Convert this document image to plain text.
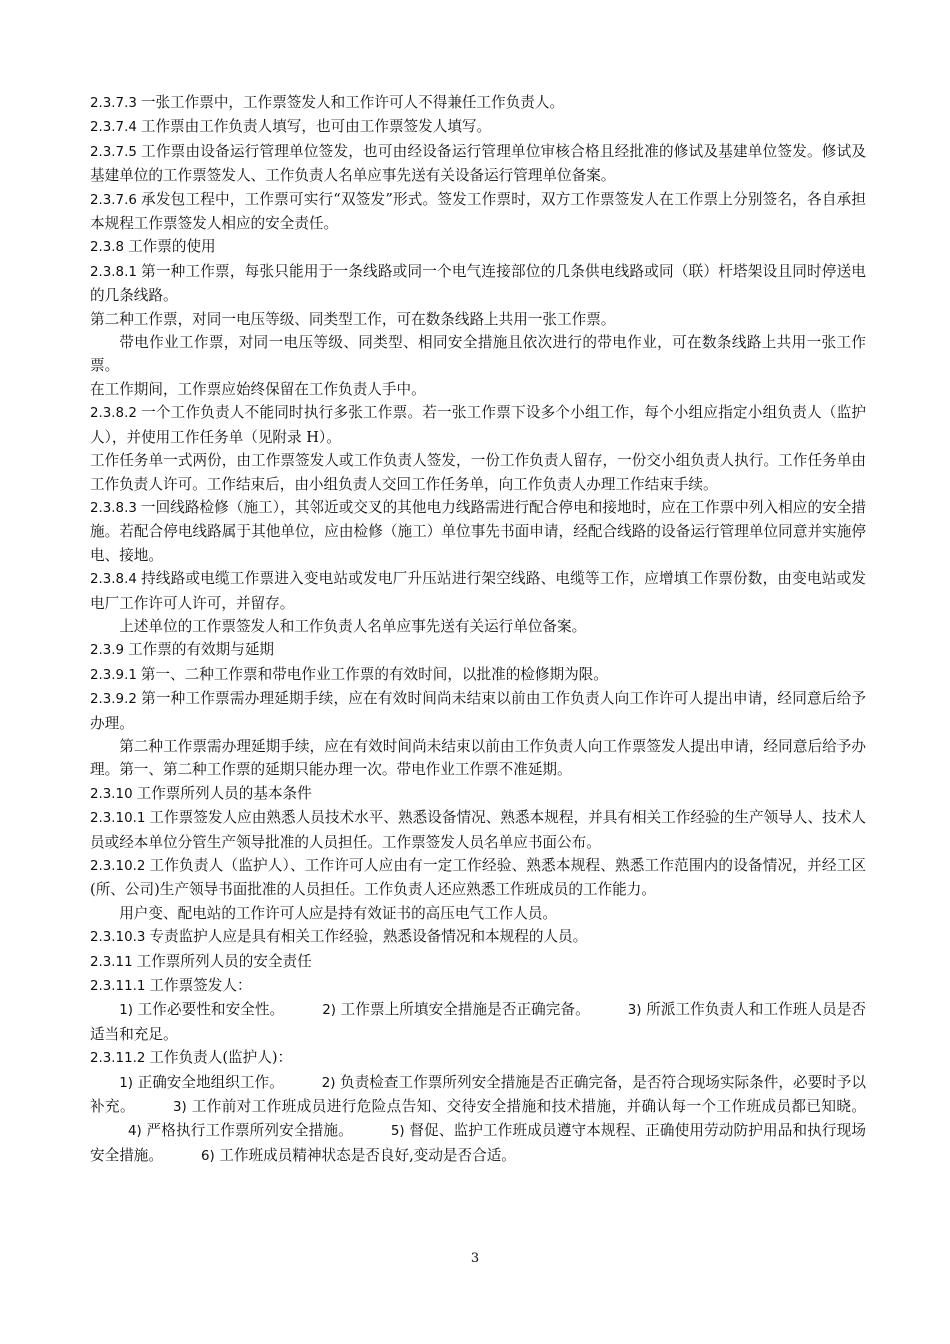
2.3.7.3 一张工作票中，工作票签发人和工作许可人不得兼任工作负责人。

2.3.7.4 工作票由工作负责人填写，也可由工作票签发人填写。

2.3.7.5 工作票由设备运行管理单位签发，也可由经设备运行管理单位审核合格且经批准的修试及基建单位签发。修试及基建单位的工作票签发人、工作负责人名单应事先送有关设备运行管理单位备案。

2.3.7.6 承发包工程中，工作票可实行“双签发”形式。签发工作票时，双方工作票签发人在工作票上分别签名，各自承担本规程工作票签发人相应的安全责任。

2.3.8 工作票的使用

2.3.8.1 第一种工作票，每张只能用于一条线路或同一个电气连接部位的几条供电线路或同（联）杆塔架设且同时停送电的几条线路。

第二种工作票，对同一电压等级、同类型工作，可在数条线路上共用一张工作票。

带电作业工作票，对同一电压等级、同类型、相同安全措施且依次进行的带电作业，可在数条线路上共用一张工作票。

在工作期间，工作票应始终保留在工作负责人手中。

2.3.8.2 一个工作负责人不能同时执行多张工作票。若一张工作票下设多个小组工作，每个小组应指定小组负责人（监护人），并使用工作任务单（见附录 H）。

工作任务单一式两份，由工作票签发人或工作负责人签发，一份工作负责人留存，一份交小组负责人执行。工作任务单由工作负责人许可。工作结束后，由小组负责人交回工作任务单，向工作负责人办理工作结束手续。

2.3.8.3 一回线路检修（施工），其邻近或交叉的其他电力线路需进行配合停电和接地时，应在工作票中列入相应的安全措施。若配合停电线路属于其他单位，应由检修（施工）单位事先书面申请，经配合线路的设备运行管理单位同意并实施停电、接地。

2.3.8.4 持线路或电缆工作票进入变电站或发电厂升压站进行架空线路、电缆等工作，应增填工作票份数，由变电站或发电厂工作许可人许可，并留存。

上述单位的工作票签发人和工作负责人名单应事先送有关运行单位备案。

2.3.9 工作票的有效期与延期

2.3.9.1 第一、二种工作票和带电作业工作票的有效时间，以批准的检修期为限。

2.3.9.2 第一种工作票需办理延期手续，应在有效时间尚未结束以前由工作负责人向工作许可人提出申请，经同意后给予办理。

第二种工作票需办理延期手续，应在有效时间尚未结束以前由工作负责人向工作票签发人提出申请，经同意后给予办理。第一、第二种工作票的延期只能办理一次。带电作业工作票不准延期。

2.3.10 工作票所列人员的基本条件

2.3.10.1 工作票签发人应由熟悉人员技术水平、熟悉设备情况、熟悉本规程，并具有相关工作经验的生产领导人、技术人员或经本单位分管生产领导批准的人员担任。工作票签发人员名单应书面公布。

2.3.10.2 工作负责人（监护人）、工作许可人应由有一定工作经验、熟悉本规程、熟悉工作范围内的设备情况，并经工区(所、公司)生产领导书面批准的人员担任。工作负责人还应熟悉工作班成员的工作能力。

用户变、配电站的工作许可人应是持有效证书的高压电气工作人员。

2.3.10.3 专责监护人应是具有相关工作经验，熟悉设备情况和本规程的人员。

2.3.11 工作票所列人员的安全责任

2.3.11.1 工作票签发人：

1) 工作必要性和安全性。	2) 工作票上所填安全措施是否正确完备。	3) 所派工作负责人和工作班人员是否适当和充足。

2.3.11.2 工作负责人(监护人)：

1) 正确安全地组织工作。	2) 负责检查工作票所列安全措施是否正确完备，是否符合现场实际条件，必要时予以补充。	3) 工作前对工作班成员进行危险点告知、交待安全措施和技术措施，并确认每一个工作班成员都已知晓。4) 严格执行工作票所列安全措施。	5) 督促、监护工作班成员遵守本规程、正确使用劳动防护用品和执行现场安全措施。	6) 工作班成员精神状态是否良好,变动是否合适。

3
